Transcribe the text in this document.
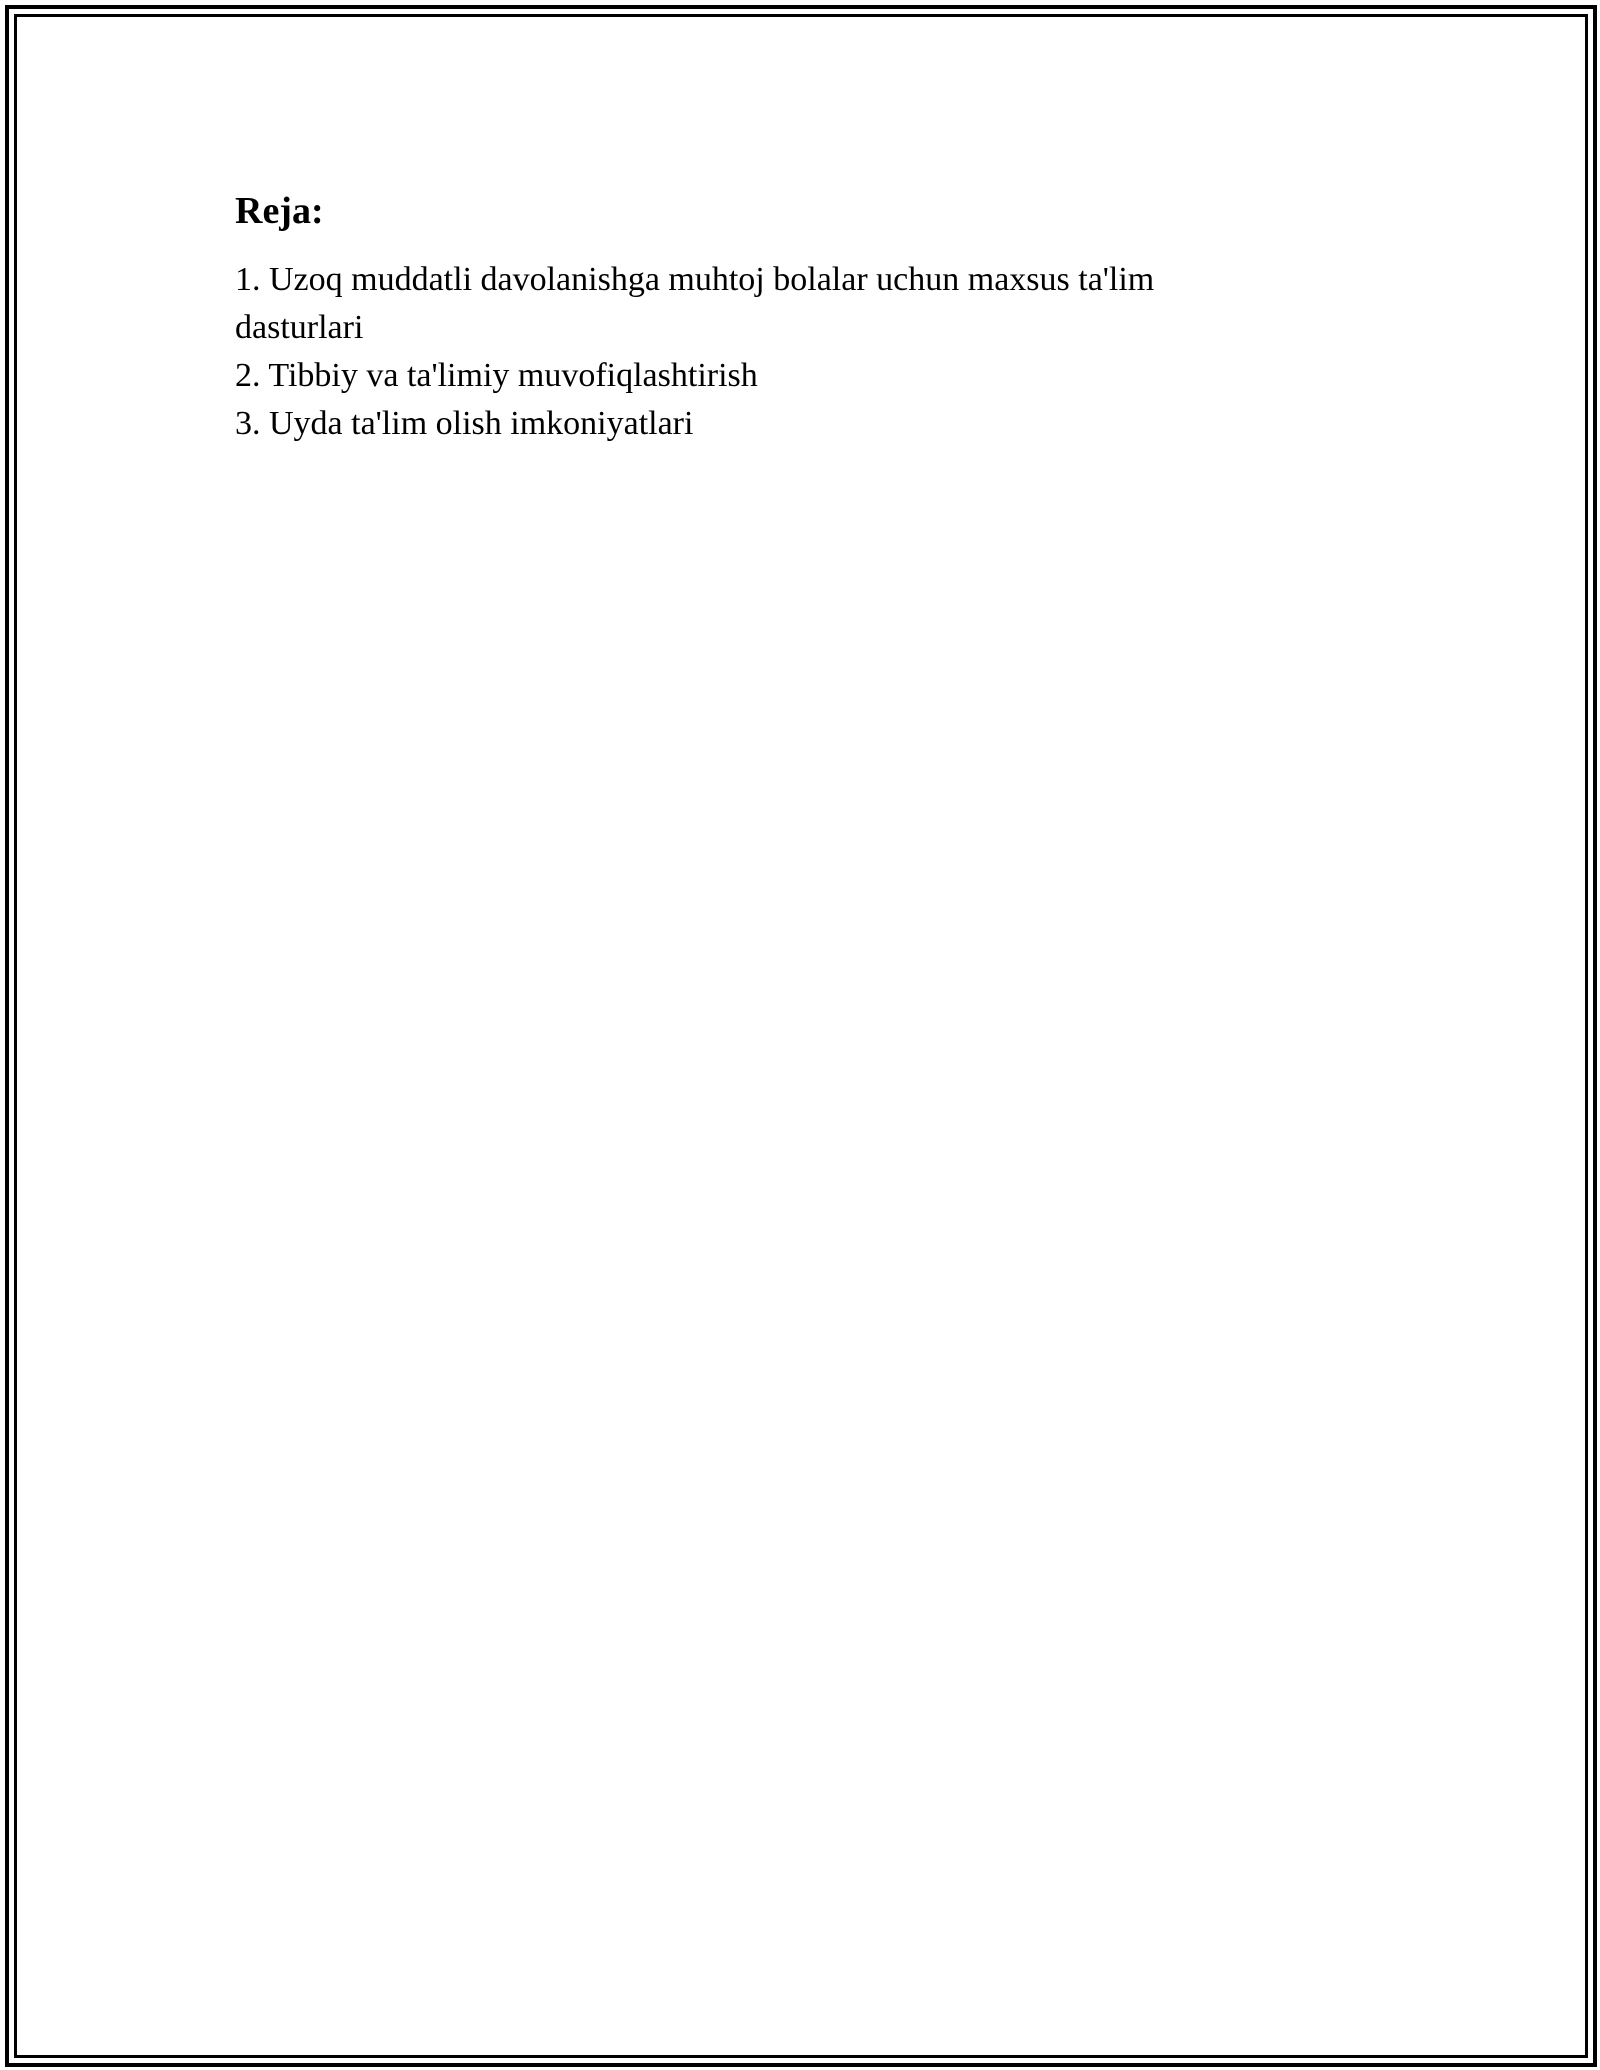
Reja:
1. Uzoq muddatli davolanishga muhtoj bolalar uchun maxsus ta'lim dasturlari
2. Tibbiy va ta'limiy muvofiqlashtirish
3. Uyda ta'lim olish imkoniyatlari
